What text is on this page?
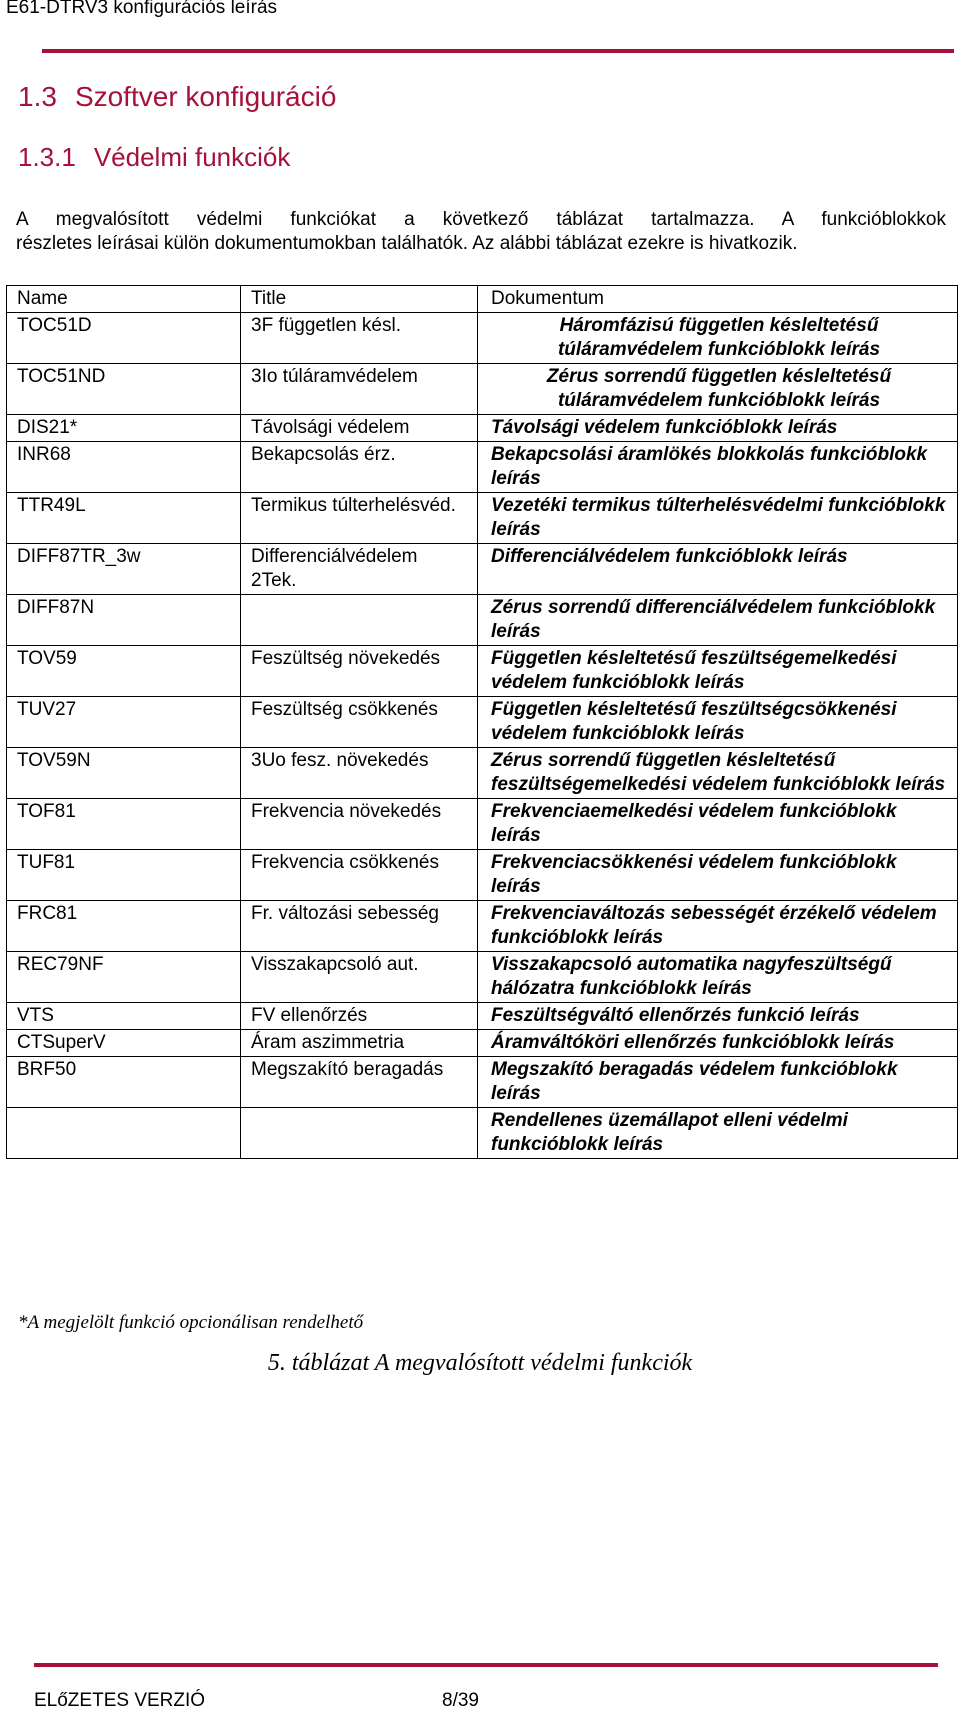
E61-DTRV3 konfigurációs leírás
1.3 Szoftver konfiguráció
1.3.1 Védelmi funkciók
A megvalósított védelmi funkciókat a következő táblázat tartalmazza. A funkcióblokkok
részletes leírásai külön dokumentumokban találhatók. Az alábbi táblázat ezekre is hivatkozik.
Name	Title	Dokumentum
TOC51D	3F független késl.	Háromfázisú független késleltetésű túláramvédelem funkcióblokk leírás
TOC51ND	3Io túláramvédelem	Zérus sorrendű független késleltetésű túláramvédelem funkcióblokk leírás
DIS21*	Távolsági védelem	Távolsági védelem funkcióblokk leírás
INR68	Bekapcsolás érz.	Bekapcsolási áramlökés blokkolás funkcióblokk leírás
TTR49L	Termikus túlterhelésvéd.	Vezetéki termikus túlterhelésvédelmi funkcióblokk leírás
DIFF87TR_3w	Differenciálvédelem 2Tek.	Differenciálvédelem funkcióblokk leírás
DIFF87N		Zérus sorrendű differenciálvédelem funkcióblokk leírás
TOV59	Feszültség növekedés	Független késleltetésű feszültségemelkedési védelem funkcióblokk leírás
TUV27	Feszültség csökkenés	Független késleltetésű feszültségcsökkenési védelem funkcióblokk leírás
TOV59N	3Uo fesz. növekedés	Zérus sorrendű független késleltetésű feszültségemelkedési védelem funkcióblokk leírás
TOF81	Frekvencia növekedés	Frekvenciaemelkedési védelem funkcióblokk leírás
TUF81	Frekvencia csökkenés	Frekvenciacsökkenési védelem funkcióblokk leírás
FRC81	Fr. változási sebesség	Frekvenciaváltozás sebességét érzékelő védelem funkcióblokk leírás
REC79NF	Visszakapcsoló aut.	Visszakapcsoló automatika nagyfeszültségű hálózatra funkcióblokk leírás
VTS	FV ellenőrzés	Feszültségváltó ellenőrzés funkció leírás
CTSuperV	Áram aszimmetria	Áramváltóköri ellenőrzés funkcióblokk leírás
BRF50	Megszakító beragadás	Megszakító beragadás védelem funkcióblokk leírás
		Rendellenes üzemállapot elleni védelmi funkcióblokk leírás
*A megjelölt funkció opcionálisan rendelhető
5. táblázat A megvalósított védelmi funkciók
ELőZETES VERZIÓ	8/39
